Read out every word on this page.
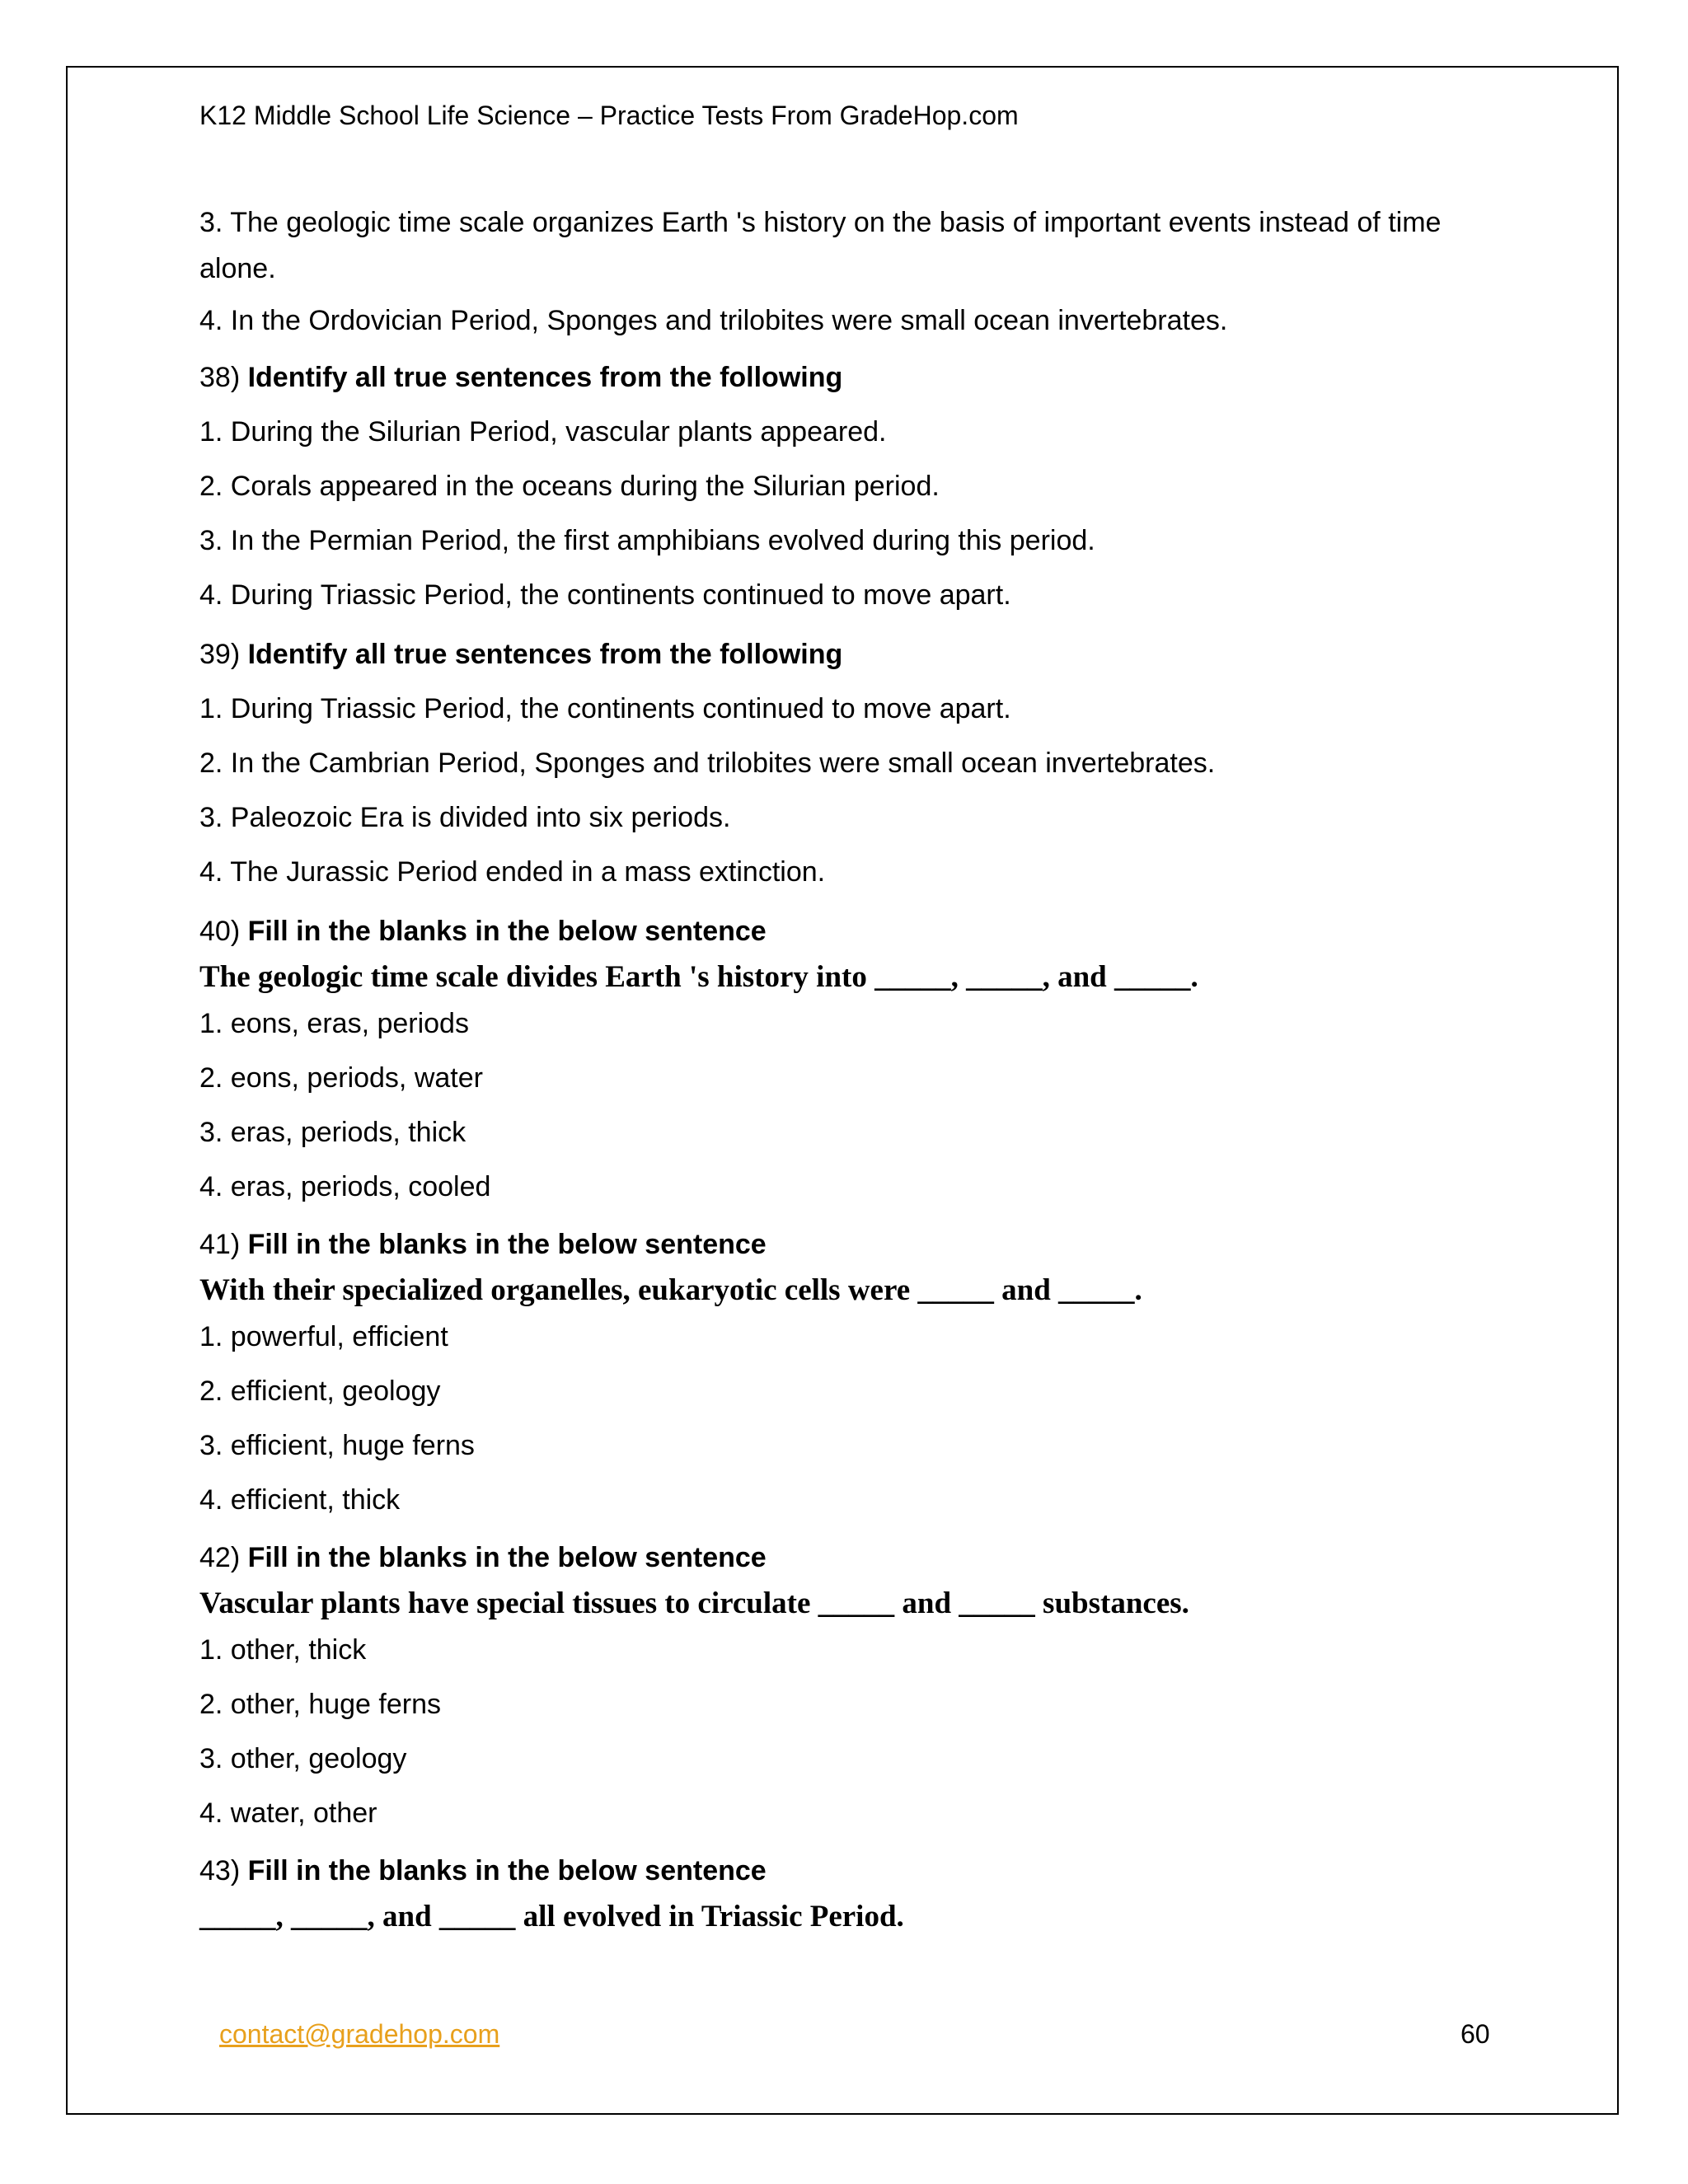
K12 Middle School Life Science – Practice Tests From GradeHop.com
3. The geologic time scale organizes Earth 's history on the basis of important events instead of time alone.
4. In the Ordovician Period, Sponges and trilobites were small ocean invertebrates.
38) Identify all true sentences from the following
1. During the Silurian Period, vascular plants appeared.
2. Corals appeared in the oceans during the Silurian period.
3. In the Permian Period, the first amphibians evolved during this period.
4. During Triassic Period, the continents continued to move apart.
39) Identify all true sentences from the following
1. During Triassic Period, the continents continued to move apart.
2. In the Cambrian Period, Sponges and trilobites were small ocean invertebrates.
3. Paleozoic Era is divided into six periods.
4. The Jurassic Period ended in a mass extinction.
40) Fill in the blanks in the below sentence
The geologic time scale divides Earth 's history into _____, _____, and _____.
1. eons, eras, periods
2. eons, periods, water
3. eras, periods, thick
4. eras, periods, cooled
41) Fill in the blanks in the below sentence
With their specialized organelles, eukaryotic cells were _____ and _____.
1. powerful, efficient
2. efficient, geology
3. efficient, huge ferns
4. efficient, thick
42) Fill in the blanks in the below sentence
Vascular plants have special tissues to circulate _____ and _____ substances.
1. other, thick
2. other, huge ferns
3. other, geology
4. water, other
43) Fill in the blanks in the below sentence
_____, _____, and _____ all evolved in Triassic Period.
contact@gradehop.com	60
